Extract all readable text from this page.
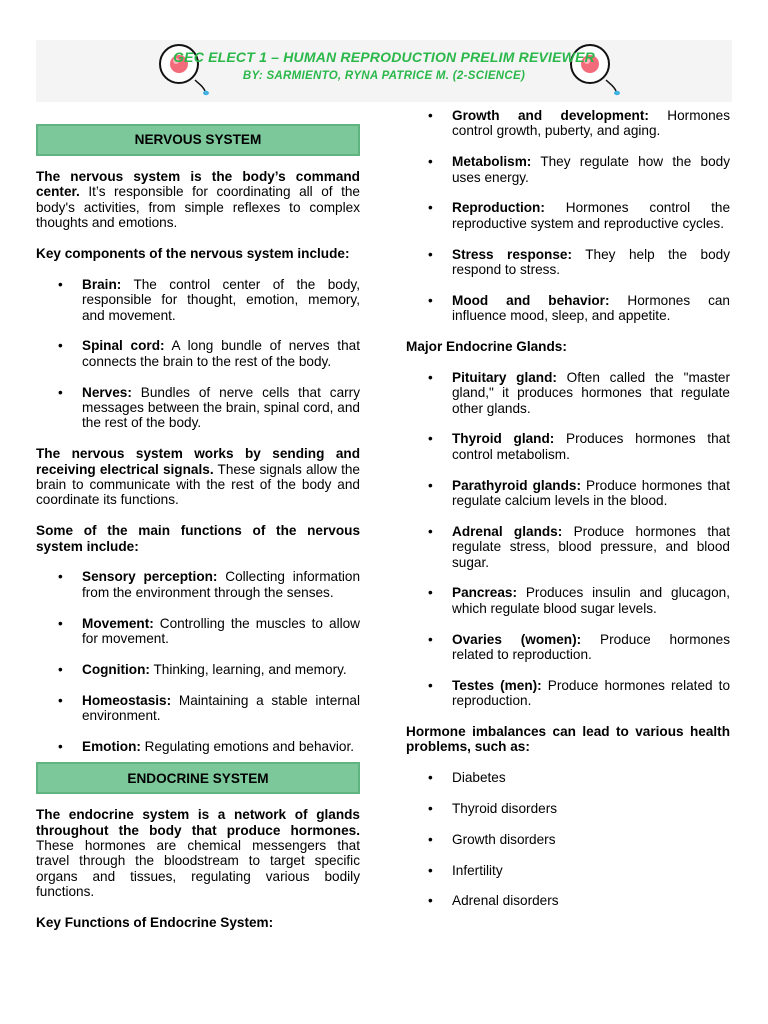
GEC ELECT 1 – HUMAN REPRODUCTION PRELIM REVIEWER
BY: SARMIENTO, RYNA PATRICE M. (2-SCIENCE)
NERVOUS SYSTEM

The nervous system is the body’s command center. It’s responsible for coordinating all of the body's activities, from simple reflexes to complex thoughts and emotions.

Key components of the nervous system include:

• Brain: The control center of the body, responsible for thought, emotion, memory, and movement.
• Spinal cord: A long bundle of nerves that connects the brain to the rest of the body.
• Nerves: Bundles of nerve cells that carry messages between the brain, spinal cord, and the rest of the body.

The nervous system works by sending and receiving electrical signals. These signals allow the brain to communicate with the rest of the body and coordinate its functions.

Some of the main functions of the nervous system include:

• Sensory perception: Collecting information from the environment through the senses.
• Movement: Controlling the muscles to allow for movement.
• Cognition: Thinking, learning, and memory.
• Homeostasis: Maintaining a stable internal environment.
• Emotion: Regulating emotions and behavior.
ENDOCRINE SYSTEM

The endocrine system is a network of glands throughout the body that produce hormones. These hormones are chemical messengers that travel through the bloodstream to target specific organs and tissues, regulating various bodily functions.

Key Functions of Endocrine System:

• Growth and development: Hormones control growth, puberty, and aging.
• Metabolism: They regulate how the body uses energy.
• Reproduction: Hormones control the reproductive system and reproductive cycles.
• Stress response: They help the body respond to stress.
• Mood and behavior: Hormones can influence mood, sleep, and appetite.

Major Endocrine Glands:

• Pituitary gland: Often called the "master gland," it produces hormones that regulate other glands.
• Thyroid gland: Produces hormones that control metabolism.
• Parathyroid glands: Produce hormones that regulate calcium levels in the blood.
• Adrenal glands: Produce hormones that regulate stress, blood pressure, and blood sugar.
• Pancreas: Produces insulin and glucagon, which regulate blood sugar levels.
• Ovaries (women): Produce hormones related to reproduction.
• Testes (men): Produce hormones related to reproduction.

Hormone imbalances can lead to various health problems, such as:

• Diabetes
• Thyroid disorders
• Growth disorders
• Infertility
• Adrenal disorders
